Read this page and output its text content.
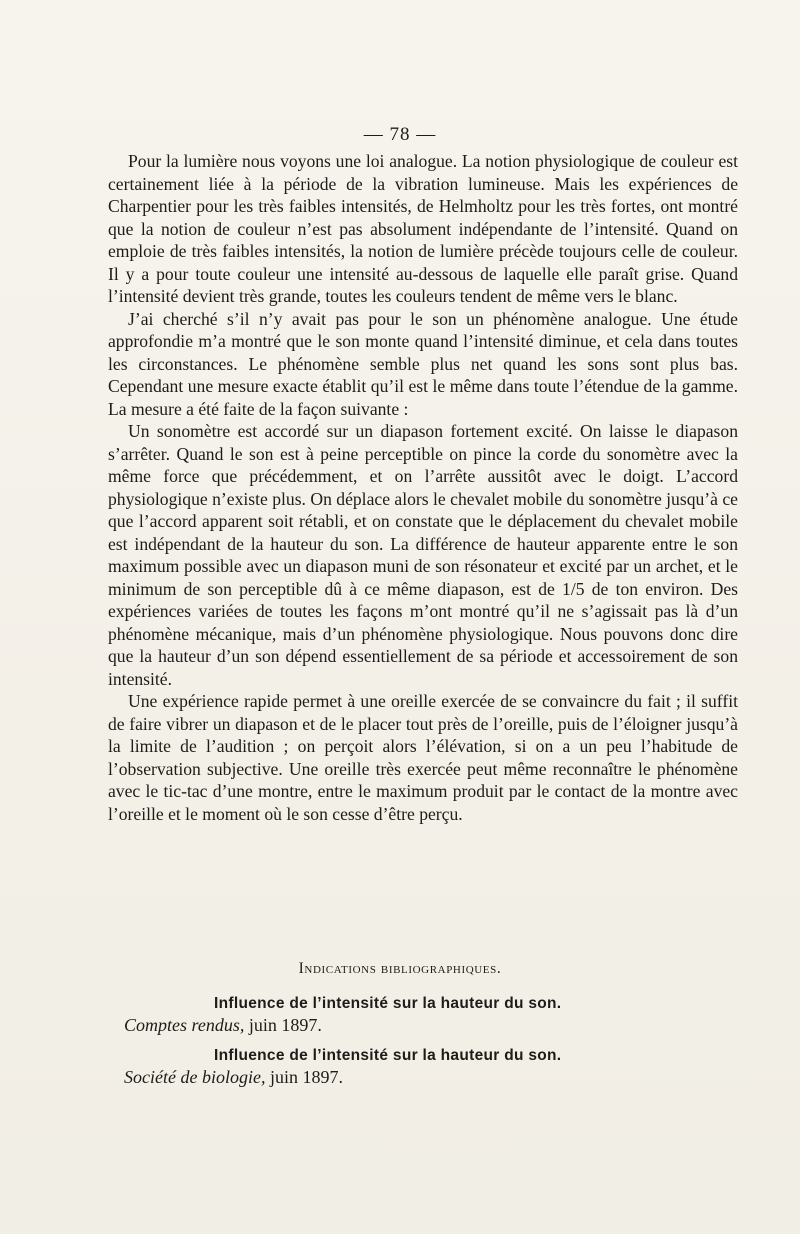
— 78 —

Pour la lumière nous voyons une loi analogue. La notion physiologique de couleur est certainement liée à la période de la vibration lumineuse. Mais les expériences de Charpentier pour les très faibles intensités, de Helmholtz pour les très fortes, ont montré que la notion de couleur n’est pas absolument indépendante de l’intensité. Quand on emploie de très faibles intensités, la notion de lumière précède toujours celle de couleur. Il y a pour toute couleur une intensité au-dessous de laquelle elle paraît grise. Quand l’intensité devient très grande, toutes les couleurs tendent de même vers le blanc.

J’ai cherché s’il n’y avait pas pour le son un phénomène analogue. Une étude approfondie m’a montré que le son monte quand l’intensité diminue, et cela dans toutes les circonstances. Le phénomène semble plus net quand les sons sont plus bas. Cependant une mesure exacte établit qu’il est le même dans toute l’étendue de la gamme. La mesure a été faite de la façon suivante :

Un sonomètre est accordé sur un diapason fortement excité. On laisse le diapason s’arrêter. Quand le son est à peine perceptible on pince la corde du sonomètre avec la même force que précédemment, et on l’arrête aussitôt avec le doigt. L’accord physiologique n’existe plus. On déplace alors le chevalet mobile du sonomètre jusqu’à ce que l’accord apparent soit rétabli, et on constate que le déplacement du chevalet mobile est indépendant de la hauteur du son. La différence de hauteur apparente entre le son maximum possible avec un diapason muni de son résonateur et excité par un archet, et le minimum de son perceptible dû à ce même diapason, est de 1/5 de ton environ. Des expériences variées de toutes les façons m’ont montré qu’il ne s’agissait pas là d’un phénomène mécanique, mais d’un phénomène physiologique. Nous pouvons donc dire que la hauteur d’un son dépend essentiellement de sa période et accessoirement de son intensité.

Une expérience rapide permet à une oreille exercée de se convaincre du fait ; il suffit de faire vibrer un diapason et de le placer tout près de l’oreille, puis de l’éloigner jusqu’à la limite de l’audition ; on perçoit alors l’élévation, si on a un peu l’habitude de l’observation subjective. Une oreille très exercée peut même reconnaître le phénomène avec le tic-tac d’une montre, entre le maximum produit par le contact de la montre avec l’oreille et le moment où le son cesse d’être perçu.

Indications bibliographiques.
Influence de l’intensité sur la hauteur du son.
Comptes rendus, juin 1897.
Influence de l’intensité sur la hauteur du son.
Société de biologie, juin 1897.
